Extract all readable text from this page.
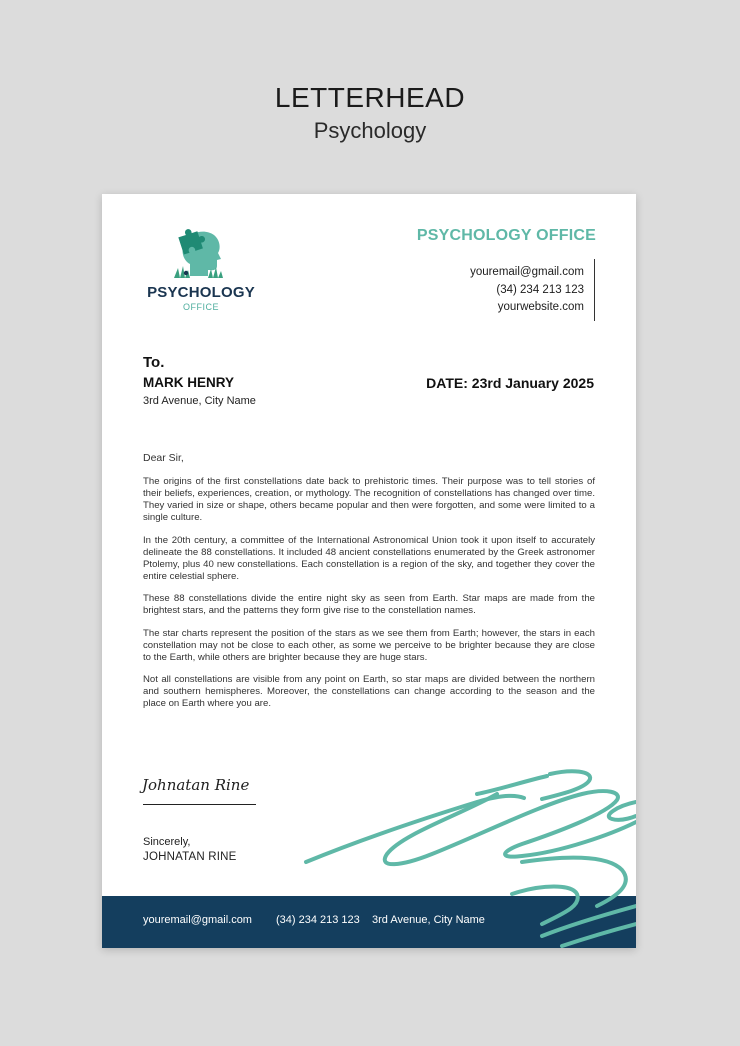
LETTERHEAD
Psychology
PSYCHOLOGY
OFFICE
PSYCHOLOGY OFFICE
youremail@gmail.com
(34) 234 213 123
yourwebsite.com
To.
MARK HENRY
3rd Avenue, City Name
DATE: 23rd January 2025

Dear Sir,

The origins of the first constellations date back to prehistoric times. Their purpose was to tell stories of their beliefs, experiences, creation, or mythology. The recognition of constellations has changed over time. They varied in size or shape, others became popular and then were forgotten, and some were limited to a single culture.

In the 20th century, a committee of the International Astronomical Union took it upon itself to accurately delineate the 88 constellations. It included 48 ancient constellations enumerated by the Greek astronomer Ptolemy, plus 40 new constellations. Each constellation is a region of the sky, and together they cover the entire celestial sphere.

These 88 constellations divide the entire night sky as seen from Earth. Star maps are made from the brightest stars, and the patterns they form give rise to the constellation names.

The star charts represent the position of the stars as we see them from Earth; however, the stars in each constellation may not be close to each other, as some we perceive to be brighter because they are close to the Earth, while others are brighter because they are huge stars.

Not all constellations are visible from any point on Earth, so star maps are divided between the northern and southern hemispheres. Moreover, the constellations can change according to the season and the place on Earth where you are.

Johnatan Rine
Sincerely,
JOHNATAN RINE
youremail@gmail.com (34) 234 213 123 3rd Avenue, City Name
